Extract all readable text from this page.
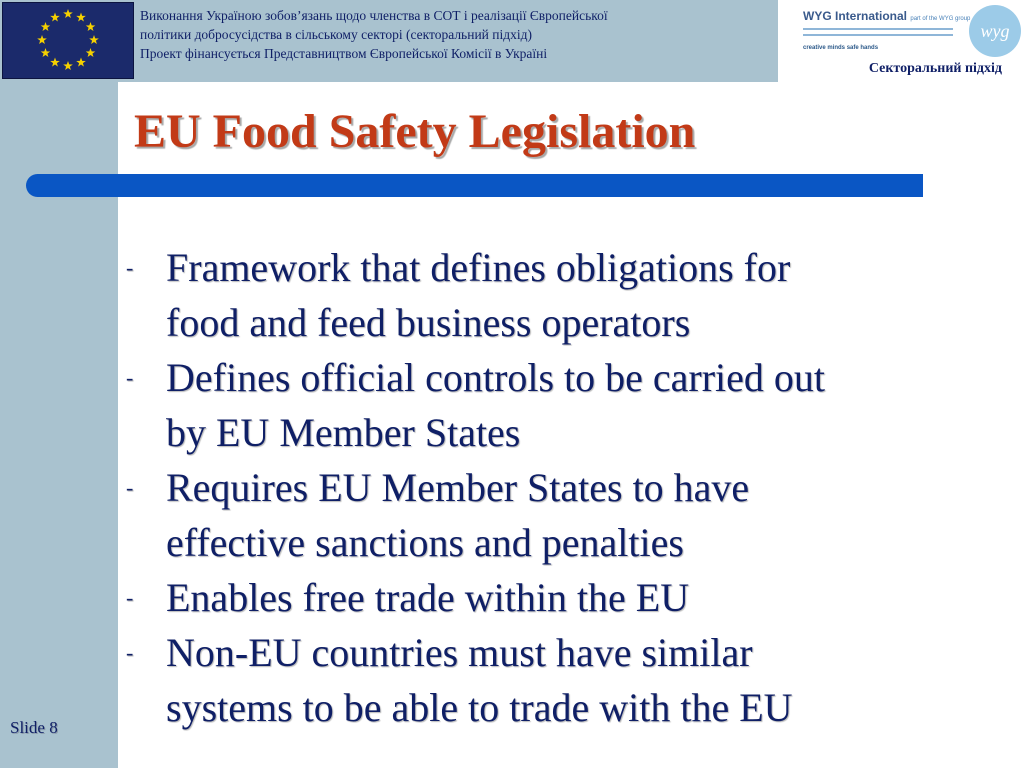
Виконання Україною зобов’язань щодо членства в СОТ і реалізації Європейської
політики добросусідства в сільському секторі (секторальний підхід)
Проект фінансується Представництвом Європейської Комісії в Україні
WYG International part of the WYG group
creative minds safe hands
wyg
Секторальний підхід
EU Food Safety Legislation
- Framework that defines obligations for
food and feed business operators
- Defines official controls to be carried out
by EU Member States
- Requires EU Member States to have
effective sanctions and penalties
- Enables free trade within the EU
- Non-EU countries must have similar
systems to be able to trade with the EU
Slide 8
